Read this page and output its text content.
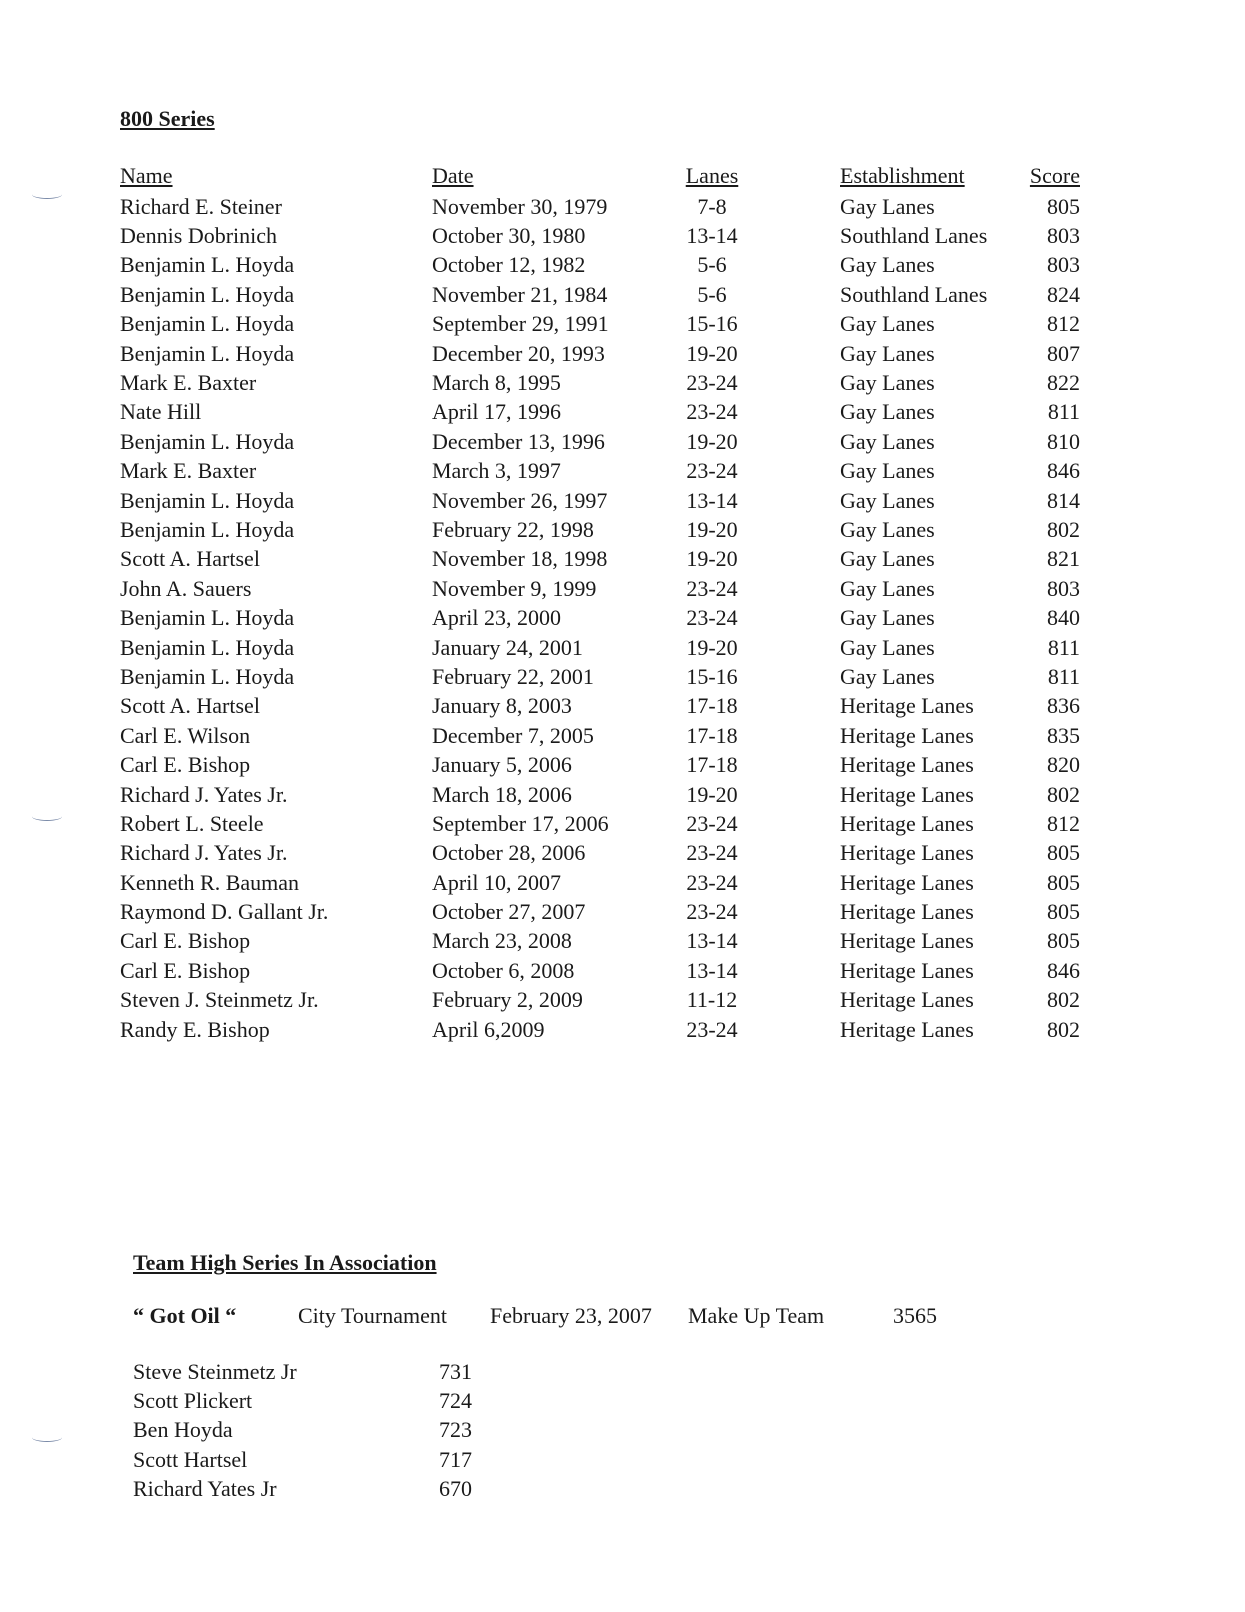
800 Series
Name	Date	Lanes	Establishment	Score
Richard E. Steiner	November 30, 1979	7-8	Gay Lanes	805
Dennis Dobrinich	October 30, 1980	13-14	Southland Lanes	803
Benjamin L. Hoyda	October 12, 1982	5-6	Gay Lanes	803
Benjamin L. Hoyda	November 21, 1984	5-6	Southland Lanes	824
Benjamin L. Hoyda	September 29, 1991	15-16	Gay Lanes	812
Benjamin L. Hoyda	December 20, 1993	19-20	Gay Lanes	807
Mark E. Baxter	March 8, 1995	23-24	Gay Lanes	822
Nate Hill	April 17, 1996	23-24	Gay Lanes	811
Benjamin L. Hoyda	December 13, 1996	19-20	Gay Lanes	810
Mark E. Baxter	March 3, 1997	23-24	Gay Lanes	846
Benjamin L. Hoyda	November 26, 1997	13-14	Gay Lanes	814
Benjamin L. Hoyda	February 22, 1998	19-20	Gay Lanes	802
Scott A. Hartsel	November 18, 1998	19-20	Gay Lanes	821
John A. Sauers	November 9, 1999	23-24	Gay Lanes	803
Benjamin L. Hoyda	April 23, 2000	23-24	Gay Lanes	840
Benjamin L. Hoyda	January 24, 2001	19-20	Gay Lanes	811
Benjamin L. Hoyda	February 22, 2001	15-16	Gay Lanes	811
Scott A. Hartsel	January 8, 2003	17-18	Heritage Lanes	836
Carl E. Wilson	December 7, 2005	17-18	Heritage Lanes	835
Carl E. Bishop	January 5, 2006	17-18	Heritage Lanes	820
Richard J. Yates Jr.	March 18, 2006	19-20	Heritage Lanes	802
Robert L. Steele	September 17, 2006	23-24	Heritage Lanes	812
Richard J. Yates Jr.	October 28, 2006	23-24	Heritage Lanes	805
Kenneth R. Bauman	April 10, 2007	23-24	Heritage Lanes	805
Raymond D. Gallant Jr.	October 27, 2007	23-24	Heritage Lanes	805
Carl E. Bishop	March 23, 2008	13-14	Heritage Lanes	805
Carl E. Bishop	October 6, 2008	13-14	Heritage Lanes	846
Steven J. Steinmetz Jr.	February 2, 2009	11-12	Heritage Lanes	802
Randy E. Bishop	April 6,2009	23-24	Heritage Lanes	802
Team High Series In Association
“ Got Oil “	City Tournament	February 23, 2007	Make Up Team	3565
Steve Steinmetz Jr	731
Scott Plickert	724
Ben Hoyda	723
Scott Hartsel	717
Richard Yates Jr	670
